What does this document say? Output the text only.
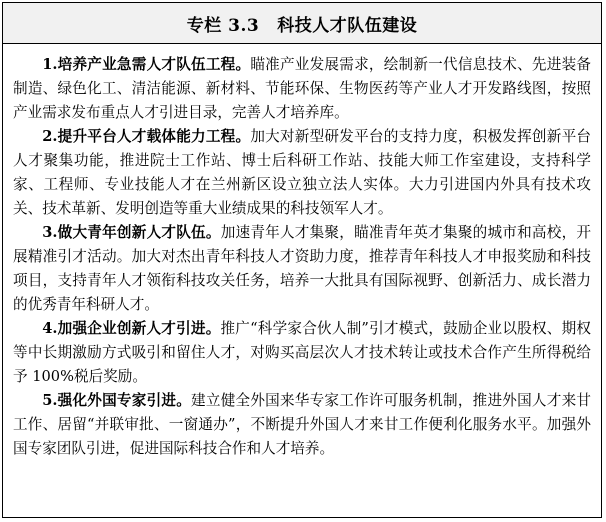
专栏 3.3 科技人才队伍建设

1.培养产业急需人才队伍工程。瞄准产业发展需求，绘制新一代信息技术、先进装备制造、绿色化工、清洁能源、新材料、节能环保、生物医药等产业人才开发路线图，按照产业需求发布重点人才引进目录，完善人才培养库。

2.提升平台人才载体能力工程。加大对新型研发平台的支持力度，积极发挥创新平台人才聚集功能，推进院士工作站、博士后科研工作站、技能大师工作室建设，支持科学家、工程师、专业技能人才在兰州新区设立独立法人实体。大力引进国内外具有技术攻关、技术革新、发明创造等重大业绩成果的科技领军人才。

3.做大青年创新人才队伍。加速青年人才集聚，瞄准青年英才集聚的城市和高校，开展精准引才活动。加大对杰出青年科技人才资助力度，推荐青年科技人才申报奖励和科技项目，支持青年人才领衔科技攻关任务，培养一大批具有国际视野、创新活力、成长潜力的优秀青年科研人才。

4.加强企业创新人才引进。推广“科学家合伙人制”引才模式，鼓励企业以股权、期权等中长期激励方式吸引和留住人才，对购买高层次人才技术转让或技术合作产生所得税给予 100%税后奖励。

5.强化外国专家引进。建立健全外国来华专家工作许可服务机制，推进外国人才来甘工作、居留“并联审批、一窗通办”，不断提升外国人才来甘工作便利化服务水平。加强外国专家团队引进，促进国际科技合作和人才培养。
